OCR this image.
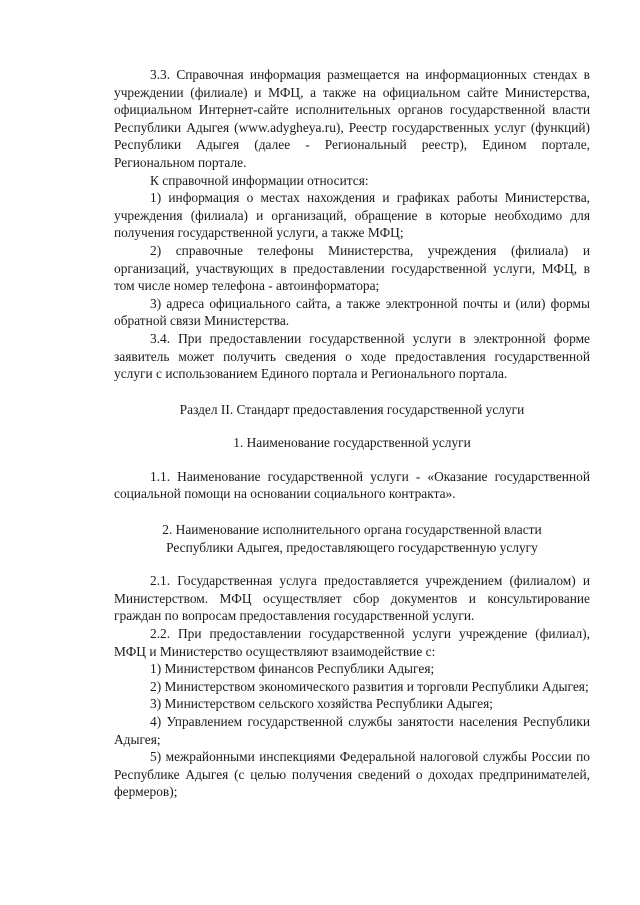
3.3. Справочная информация размещается на информационных стендах в учреждении (филиале) и МФЦ, а также на официальном сайте Министерства, официальном Интернет-сайте исполнительных органов государственной власти Республики Адыгея (www.adygheya.ru), Реестр государственных услуг (функций) Республики Адыгея (далее - Региональный реестр), Едином портале, Региональном портале.

К справочной информации относится:

1) информация о местах нахождения и графиках работы Министерства, учреждения (филиала) и организаций, обращение в которые необходимо для получения государственной услуги, а также МФЦ;

2) справочные телефоны Министерства, учреждения (филиала) и организаций, участвующих в предоставлении государственной услуги, МФЦ, в том числе номер телефона - автоинформатора;

3) адреса официального сайта, а также электронной почты и (или) формы обратной связи Министерства.

3.4. При предоставлении государственной услуги в электронной форме заявитель может получить сведения о ходе предоставления государственной услуги с использованием Единого портала и Регионального портала.

Раздел II. Стандарт предоставления государственной услуги

1. Наименование государственной услуги

1.1. Наименование государственной услуги - «Оказание государственной социальной помощи на основании социального контракта».

2. Наименование исполнительного органа государственной власти

Республики Адыгея, предоставляющего государственную услугу

2.1. Государственная услуга предоставляется учреждением (филиалом) и Министерством. МФЦ осуществляет сбор документов и консультирование граждан по вопросам предоставления государственной услуги.

2.2. При предоставлении государственной услуги учреждение (филиал), МФЦ и Министерство осуществляют взаимодействие с:

1) Министерством финансов Республики Адыгея;

2) Министерством экономического развития и торговли Республики Адыгея;

3) Министерством сельского хозяйства Республики Адыгея;

4) Управлением государственной службы занятости населения Республики Адыгея;

5) межрайонными инспекциями Федеральной налоговой службы России по Республике Адыгея (с целью получения сведений о доходах предпринимателей, фермеров);
